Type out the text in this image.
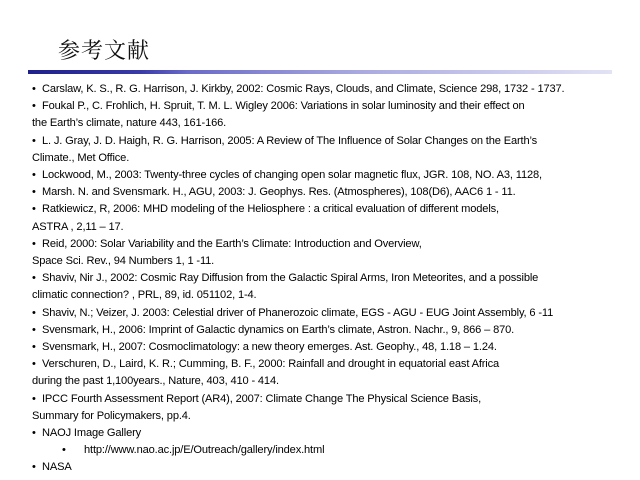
参考文献
• Carslaw, K. S., R. G. Harrison, J. Kirkby, 2002: Cosmic Rays, Clouds, and Climate, Science 298, 1732 - 1737.
• Foukal P., C. Frohlich, H. Spruit, T. M. L. Wigley 2006: Variations in solar luminosity and their effect on
the Earth’s climate, nature 443, 161-166.
• L. J. Gray, J. D. Haigh, R. G. Harrison, 2005: A Review of The Influence of Solar Changes on the Earth’s
Climate., Met Office.
• Lockwood, M., 2003: Twenty-three cycles of changing open solar magnetic flux, JGR. 108, NO. A3, 1128,
• Marsh. N. and Svensmark. H., AGU, 2003: J. Geophys. Res. (Atmospheres), 108(D6), AAC6 1 - 11.
• Ratkiewicz, R, 2006: MHD modeling of the Heliosphere : a critical evaluation of different models,
ASTRA , 2,11 – 17.
• Reid, 2000: Solar Variability and the Earth’s Climate: Introduction and Overview,
Space Sci. Rev., 94 Numbers 1, 1 -11.
• Shaviv, Nir J., 2002: Cosmic Ray Diffusion from the Galactic Spiral Arms, Iron Meteorites, and a possible
climatic connection? , PRL, 89, id. 051102, 1-4.
• Shaviv, N.; Veizer, J. 2003: Celestial driver of Phanerozoic climate, EGS - AGU - EUG Joint Assembly, 6 -11
• Svensmark, H., 2006: Imprint of Galactic dynamics on Earth’s climate, Astron. Nachr., 9, 866 – 870.
• Svensmark, H., 2007: Cosmoclimatology: a new theory emerges. Ast. Geophy., 48, 1.18 – 1.24.
• Verschuren, D., Laird, K. R.; Cumming, B. F., 2000: Rainfall and drought in equatorial east Africa
during the past 1,100years., Nature, 403, 410 - 414.
• IPCC Fourth Assessment Report (AR4), 2007: Climate Change The Physical Science Basis,
Summary for Policymakers, pp.4.
• NAOJ Image Gallery
• http://www.nao.ac.jp/E/Outreach/gallery/index.html
• NASA
